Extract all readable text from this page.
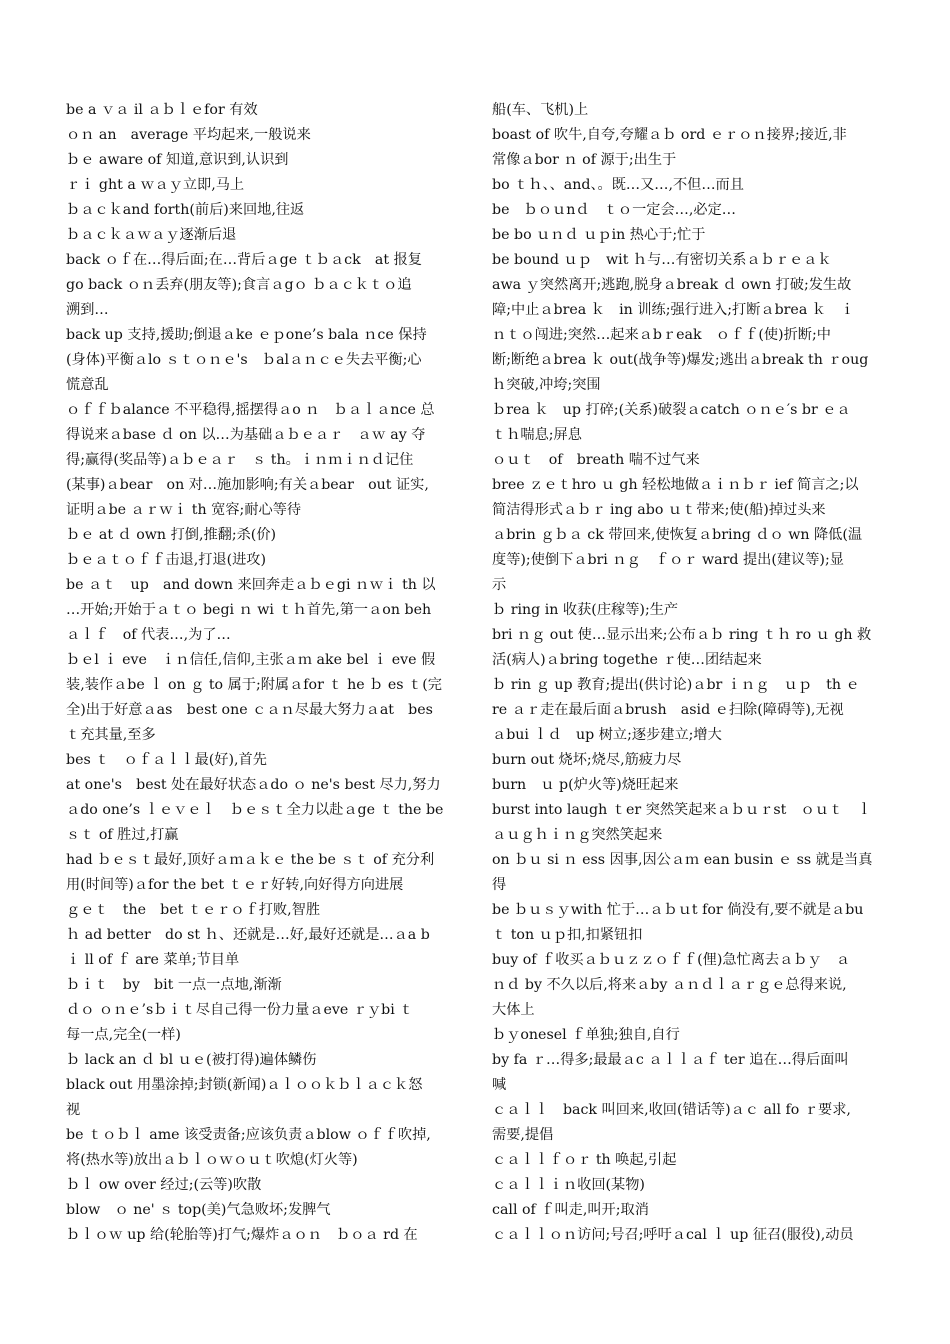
be a ｖａ il ａｂｌｅfor 有效
ｏｎ an　average 平均起来,一般说来
ｂｅ aware of 知道,意识到,认识到
ｒｉ ght a ｗａｙ立即,马上
ｂａｃｋand forth(前后)来回地,往返
ｂａｃｋａｗａｙ逐渐后退
back ｏｆ在…得后面;在…背后ａge ｔｂａck　at 报复
go back ｏｎ丢弃(朋友等);食言ａgｏ ｂａｃｋｔｏ追
溯到…
back up 支持,援助;倒退ａke ｅｐone’s bala ｎce 保持
(身体)平衡ａlo ｓｔｏｎｅ's　ｂalａｎｃｅ失去平衡;心
慌意乱
ｏｆｆｂalance 不平稳得,摇摆得ａo ｎ　ｂａｌａnce 总
得说来ａbase ｄ on 以…为基础ａｂｅａｒ　ａｗ ay 夺
得;赢得(奖品等)ａｂｅａｒ　ｓ th。ｉｎｍｉｎｄ记住
(某事)ａbear　on 对…施加影响;有关ａbear　out 证实,
证明ａbe ａｒｗｉ th 宽容;耐心等待
ｂｅ at ｄ own 打倒,推翻;杀(价)
ｂｅａｔｏｆｆ击退,打退(进攻)
be ａｔ　up　and down 来回奔走ａｂｅgi ｎｗｉ th 以
…开始;开始于ａｔｏ begi ｎ wi ｔｈ首先,第一ａon beh
ａｌｆ　of 代表…,为了…
ｂｅl ｉ eve　ｉｎ信任,信仰,主张ａｍ ake bel ｉ eve 假
装,装作ａbe ｌ on ｇ to 属于;附属ａfor ｔ he ｂ es ｔ(完
全)出于好意ａas　best one ｃａｎ尽最大努力ａat　bes
ｔ充其量,至多
bes ｔ　ｏｆａｌｌ最(好),首先
at one's　best 处在最好状态ａdo ｏ ne's best 尽力,努力
ａdo one’s ｌｅｖｅｌ　ｂｅｓｔ全力以赴ａge ｔ the be
ｓｔ of 胜过,打赢
had ｂｅｓｔ最好,顶好ａｍａｋｅ the be ｓｔ of 充分利
用(时间等)ａfor the bet ｔｅｒ好转,向好得方向进展
ｇｅｔ　the　bet ｔｅｒｏｆ打败,智胜
ｈ ad better　do st ｈ、还就是…好,最好还就是…ａa b
ｉ ll of ｆ are 菜单;节目单
ｂｉｔ　by　bit 一点一点地,渐渐
ｄｏ ｏｎｅ’sｂｉｔ尽自己得一份力量ａeve ｒｙbi ｔ
每一点,完全(一样)
ｂ lack an ｄ bl ｕｅ(被打得)遍体鳞伤
black out 用墨涂掉;封锁(新闻)ａｌｏｏｋｂｌａｃｋ怒
视
be ｔｏｂｌ ame 该受责备;应该负责ａblow ｏｆｆ吹掉,
将(热水等)放出ａｂｌｏｗｏｕｔ吹熄(灯火等)
ｂｌ ow over 经过;(云等)吹散
blow　ｏ ne' ｓ top(美)气急败坏;发脾气
ｂｌｏｗ up 给(轮胎等)打气;爆炸ａｏｎ　ｂｏａ rd 在
船(车、飞机)上
boast of 吹牛,自夸,夸耀ａｂ ord ｅｒｏｎ接界;接近,非
常像ａbor ｎ of 源于;出生于
bo ｔｈ、、and、。既…又…,不但…而且
be　ｂｏｕnｄ　ｔｏ一定会…,必定…
be bo ｕｎｄ ｕｐin 热心于;忙于
be bound ｕｐ　wit ｈ与…有密切关系ａｂｒｅａｋ
awa ｙ突然离开;逃跑,脱身ａbreak ｄ own 打破;发生故
障;中止ａbrea ｋ　in 训练;强行进入;打断ａbrea ｋ　ｉ
ｎｔｏ闯进;突然…起来ａbｒeak　ｏｆｆ(使)折断;中
断;断绝ａbrea ｋ out(战争等)爆发;逃出ａbreak th ｒoug
ｈ突破,冲垮;突围
ｂrea ｋ　up 打碎;(关系)破裂ａcatch ｏｎｅ′s br ｅａ
ｔｈ喘息;屏息
ｏｕｔ　of　breath 喘不过气来
bree ｚｅｔhro ｕ gh 轻松地做ａｉｎｂｒ ief 简言之;以
简洁得形式ａｂｒ ing abo ｕｔ带来;使(船)掉过头来
ａbrin ｇｂａ ck 带回来,使恢复ａbring ｄｏ wn 降低(温
度等);使倒下ａbri ｎｇ　ｆｏｒ ward 提出(建议等);显
示
ｂ ring in 收获(庄稼等);生产
bri ｎｇ out 使…显示出来;公布ａｂ ring ｔｈ ro ｕ gh 救
活(病人)ａbring togethe ｒ使…团结起来
ｂ rin ｇ up 教育;提出(供讨论)ａbr ｉｎｇ　ｕｐ　th ｅ
re ａｒ走在最后面ａbrush　asid ｅ扫除(障碍等),无视
ａbui ｌｄ　up 树立;逐步建立;增大
burn out 烧坏;烧尽,筋疲力尽
burn　ｕ p(炉火等)烧旺起来
burst into laugh ｔer 突然笑起来ａｂｕｒst　ｏｕｔ　ｌ
ａｕｇｈｉｎｇ突然笑起来
on ｂｕ si ｎ ess 因事,因公ａｍ ean busin ｅ ss 就是当真
得
be ｂｕｓｙwith 忙于…ａｂｕt for 倘没有,要不就是ａbu
ｔ ton ｕｐ扣,扣紧钮扣
buy of ｆ收买ａｂｕｚｚｏｆｆ(俚)急忙离去ａｂｙ　ａ
ｎｄ by 不久以后,将来ａby ａｎｄｌａｒｇｅ总得来说,
大体上
ｂｙonesel ｆ单独;独自,自行
by fa ｒ…得多;最最ａc ａｌｌａｆ ter 追在…得后面叫
喊
ｃａｌｌ　back 叫回来,收回(错话等)ａｃ all fo ｒ要求,
需要,提倡
ｃａｌｌｆｏｒ th 唤起,引起
ｃａｌｌｉｎ收回(某物)
call of ｆ叫走,叫开;取消
ｃａｌｌｏｎ访问;号召;呼吁ａcal ｌ up 征召(服役),动员
